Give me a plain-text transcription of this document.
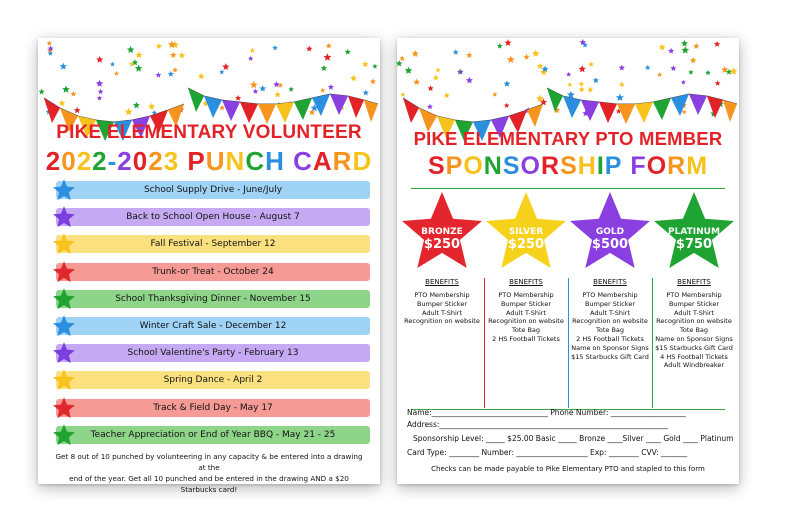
PIKE ELEMENTARY VOLUNTEER
2022-2023 PUNCH CARD
School Supply Drive - June/July
Back to School Open House - August 7
Fall Festival - September 12
Trunk-or Treat - October 24
School Thanksgiving Dinner - November 15
Winter Craft Sale - December 12
School Valentine's Party - February 13
Spring Dance - April 2
Track & Field Day - May 17
Teacher Appreciation or End of Year BBQ - May 21 - 25
Get 8 out of 10 punched by volunteering in any capacity & be entered into a drawing at the
end of the year. Get all 10 punched and be entered in the drawing AND a $20 Starbucks card!
PIKE ELEMENTARY PTO MEMBER
SPONSORSHIP FORM
BRONZE
$250
BENEFITS
PTO Membership
Bumper Sticker
Adult T-Shirt
Recognition on website
SILVER
$250
BENEFITS
PTO Membership
Bumper Sticker
Adult T-Shirt
Recognition on website
Tote Bag
2 HS Football Tickets
GOLD
$500
BENEFITS
PTO Membership
Bumper Sticker
Adult T-Shirt
Recognition on website
Tote Bag
2 HS Football Tickets
Name on Sponsor Signs
$15 Starbucks Gift Card
PLATINUM
$750
BENEFITS
PTO Membership
Bumper Sticker
Adult T-Shirt
Recognition on website
Tote Bag
Name on Sponsor Signs
$15 Starbucks Gift Card
4 HS Football Tickets
Adult Windbreaker
Name:_______________________________ Phone Number: ____________________
Address:_____________________________________________________________
Sponsorship Level: _____ $25.00 Basic _____ Bronze ____Silver ____ Gold ____ Platinum
Card Type: ________ Number: ___________________ Exp: ________ CVV: _______
Checks can be made payable to Pike Elementary PTO and stapled to this form
